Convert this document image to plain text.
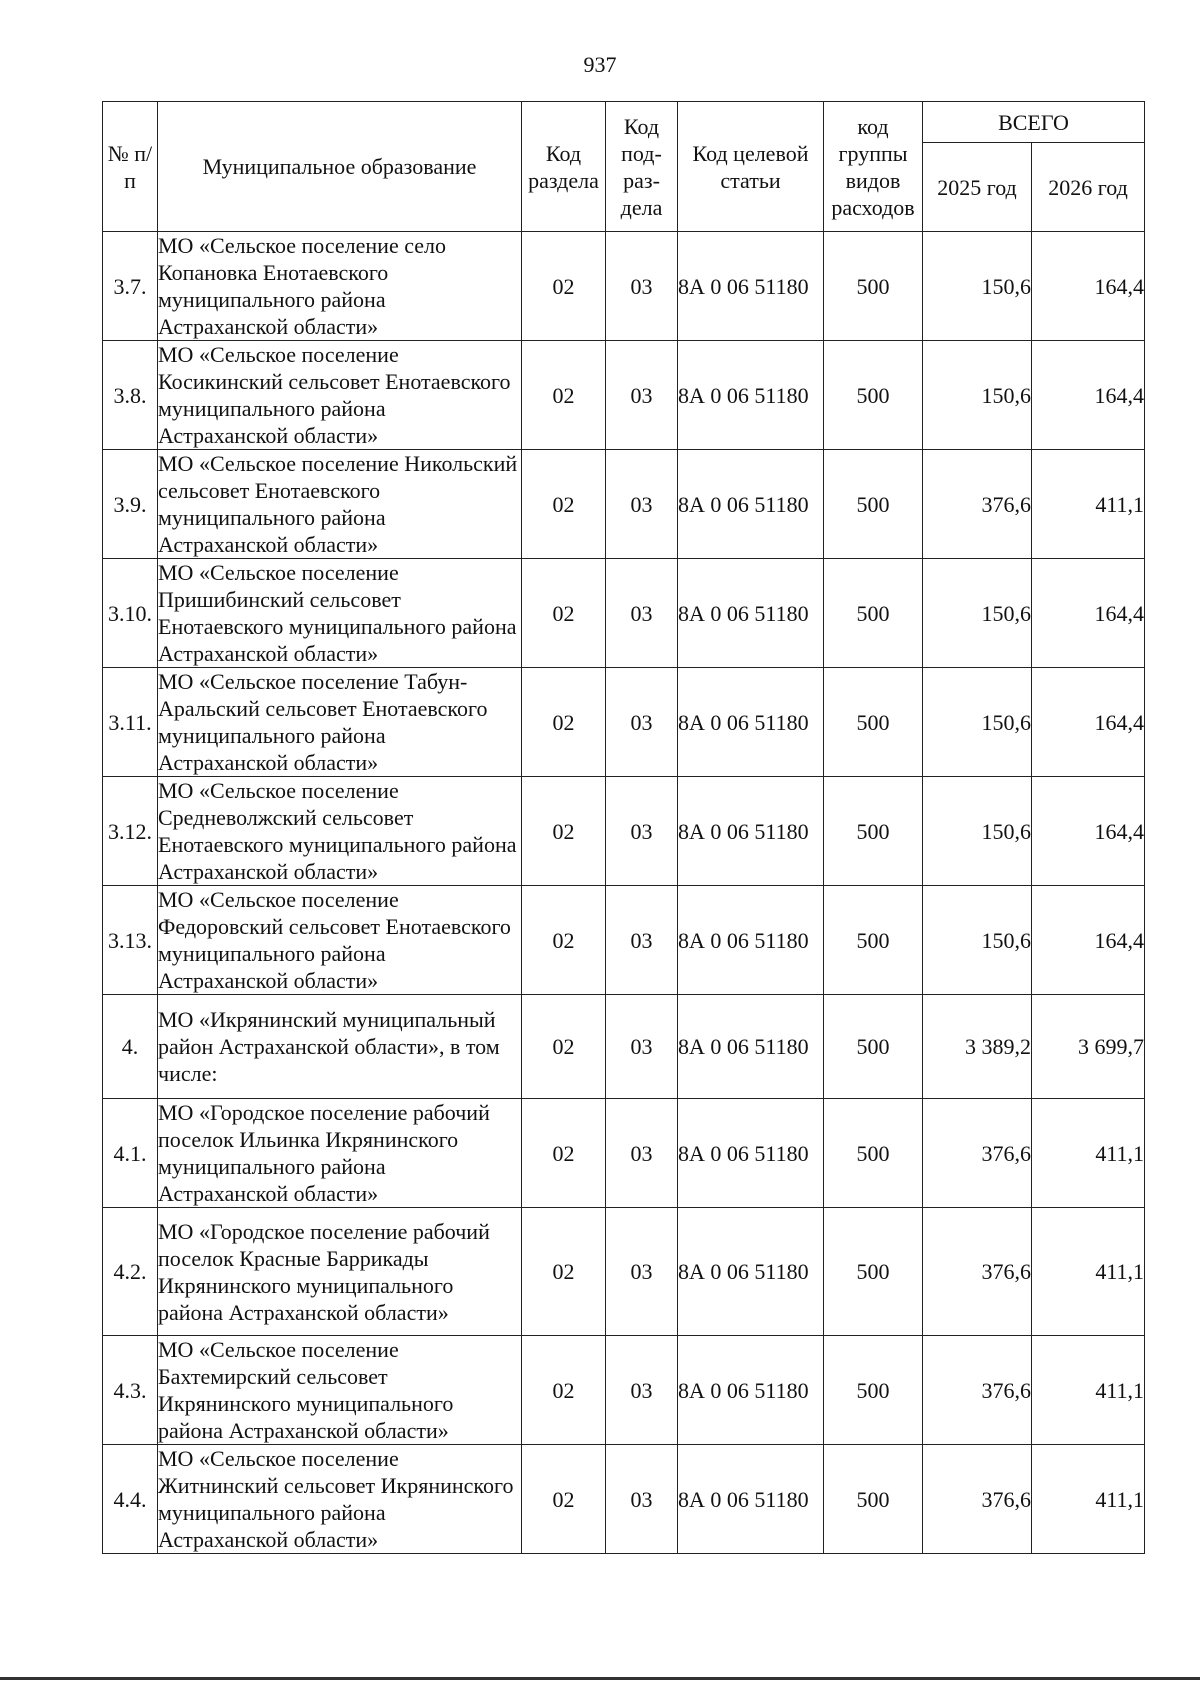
937
№ п/п	Муниципальное образование	Код раздела	Код под- раз- дела	Код целевой статьи	код группы видов расходов	ВСЕГО	
						2025 год	2026 год
3.7.	МО «Сельское поселение село Копановка Енотаевского муниципального района Астраханской области»	02	03	8А 0 06 51180	500	150,6	164,4
3.8.	МО «Сельское поселение Косикинский сельсовет Енотаевского муниципального района Астраханской области»	02	03	8А 0 06 51180	500	150,6	164,4
3.9.	МО «Сельское поселение Никольский сельсовет Енотаевского муниципального района Астраханской области»	02	03	8А 0 06 51180	500	376,6	411,1
3.10.	МО «Сельское поселение Пришибинский сельсовет Енотаевского муниципального района Астраханской области»	02	03	8А 0 06 51180	500	150,6	164,4
3.11.	МО «Сельское поселение Табун-Аральский сельсовет Енотаевского муниципального района Астраханской области»	02	03	8А 0 06 51180	500	150,6	164,4
3.12.	МО «Сельское поселение Средневолжский сельсовет Енотаевского муниципального района Астраханской области»	02	03	8А 0 06 51180	500	150,6	164,4
3.13.	МО «Сельское поселение Федоровский сельсовет Енотаевского муниципального района Астраханской области»	02	03	8А 0 06 51180	500	150,6	164,4
4.	МО «Икрянинский муниципальный район Астраханской области», в том числе:	02	03	8А 0 06 51180	500	3 389,2	3 699,7
4.1.	МО «Городское поселение рабочий поселок Ильинка Икрянинского муниципального района Астраханской области»	02	03	8А 0 06 51180	500	376,6	411,1
4.2.	МО «Городское поселение рабочий поселок Красные Баррикады Икрянинского муниципального района Астраханской области»	02	03	8А 0 06 51180	500	376,6	411,1
4.3.	МО «Сельское поселение Бахтемирский сельсовет Икрянинского муниципального района Астраханской области»	02	03	8А 0 06 51180	500	376,6	411,1
4.4.	МО «Сельское поселение Житнинский сельсовет Икрянинского муниципального района Астраханской области»	02	03	8А 0 06 51180	500	376,6	411,1
